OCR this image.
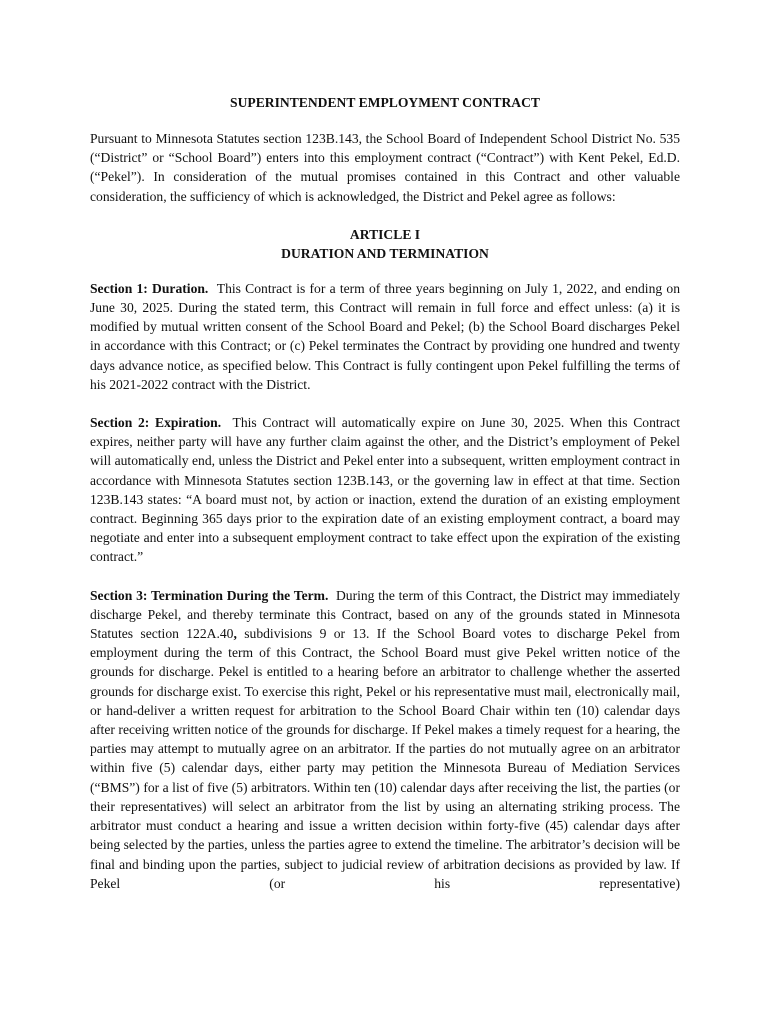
SUPERINTENDENT EMPLOYMENT CONTRACT

Pursuant to Minnesota Statutes section 123B.143, the School Board of Independent School District No. 535 (“District” or “School Board”) enters into this employment contract (“Contract”) with Kent Pekel, Ed.D. (“Pekel”). In consideration of the mutual promises contained in this Contract and other valuable consideration, the sufficiency of which is acknowledged, the District and Pekel agree as follows:

ARTICLE I
DURATION AND TERMINATION

Section 1: Duration. This Contract is for a term of three years beginning on July 1, 2022, and ending on June 30, 2025. During the stated term, this Contract will remain in full force and effect unless: (a) it is modified by mutual written consent of the School Board and Pekel; (b) the School Board discharges Pekel in accordance with this Contract; or (c) Pekel terminates the Contract by providing one hundred and twenty days advance notice, as specified below. This Contract is fully contingent upon Pekel fulfilling the terms of his 2021-2022 contract with the District.

Section 2: Expiration. This Contract will automatically expire on June 30, 2025. When this Contract expires, neither party will have any further claim against the other, and the District’s employment of Pekel will automatically end, unless the District and Pekel enter into a subsequent, written employment contract in accordance with Minnesota Statutes section 123B.143, or the governing law in effect at that time. Section 123B.143 states: “A board must not, by action or inaction, extend the duration of an existing employment contract. Beginning 365 days prior to the expiration date of an existing employment contract, a board may negotiate and enter into a subsequent employment contract to take effect upon the expiration of the existing contract.”

Section 3: Termination During the Term. During the term of this Contract, the District may immediately discharge Pekel, and thereby terminate this Contract, based on any of the grounds stated in Minnesota Statutes section 122A.40, subdivisions 9 or 13. If the School Board votes to discharge Pekel from employment during the term of this Contract, the School Board must give Pekel written notice of the grounds for discharge. Pekel is entitled to a hearing before an arbitrator to challenge whether the asserted grounds for discharge exist. To exercise this right, Pekel or his representative must mail, electronically mail, or hand-deliver a written request for arbitration to the School Board Chair within ten (10) calendar days after receiving written notice of the grounds for discharge. If Pekel makes a timely request for a hearing, the parties may attempt to mutually agree on an arbitrator. If the parties do not mutually agree on an arbitrator within five (5) calendar days, either party may petition the Minnesota Bureau of Mediation Services (“BMS”) for a list of five (5) arbitrators. Within ten (10) calendar days after receiving the list, the parties (or their representatives) will select an arbitrator from the list by using an alternating striking process. The arbitrator must conduct a hearing and issue a written decision within forty-five (45) calendar days after being selected by the parties, unless the parties agree to extend the timeline. The arbitrator’s decision will be final and binding upon the parties, subject to judicial review of arbitration decisions as provided by law. If Pekel (or his representative)
